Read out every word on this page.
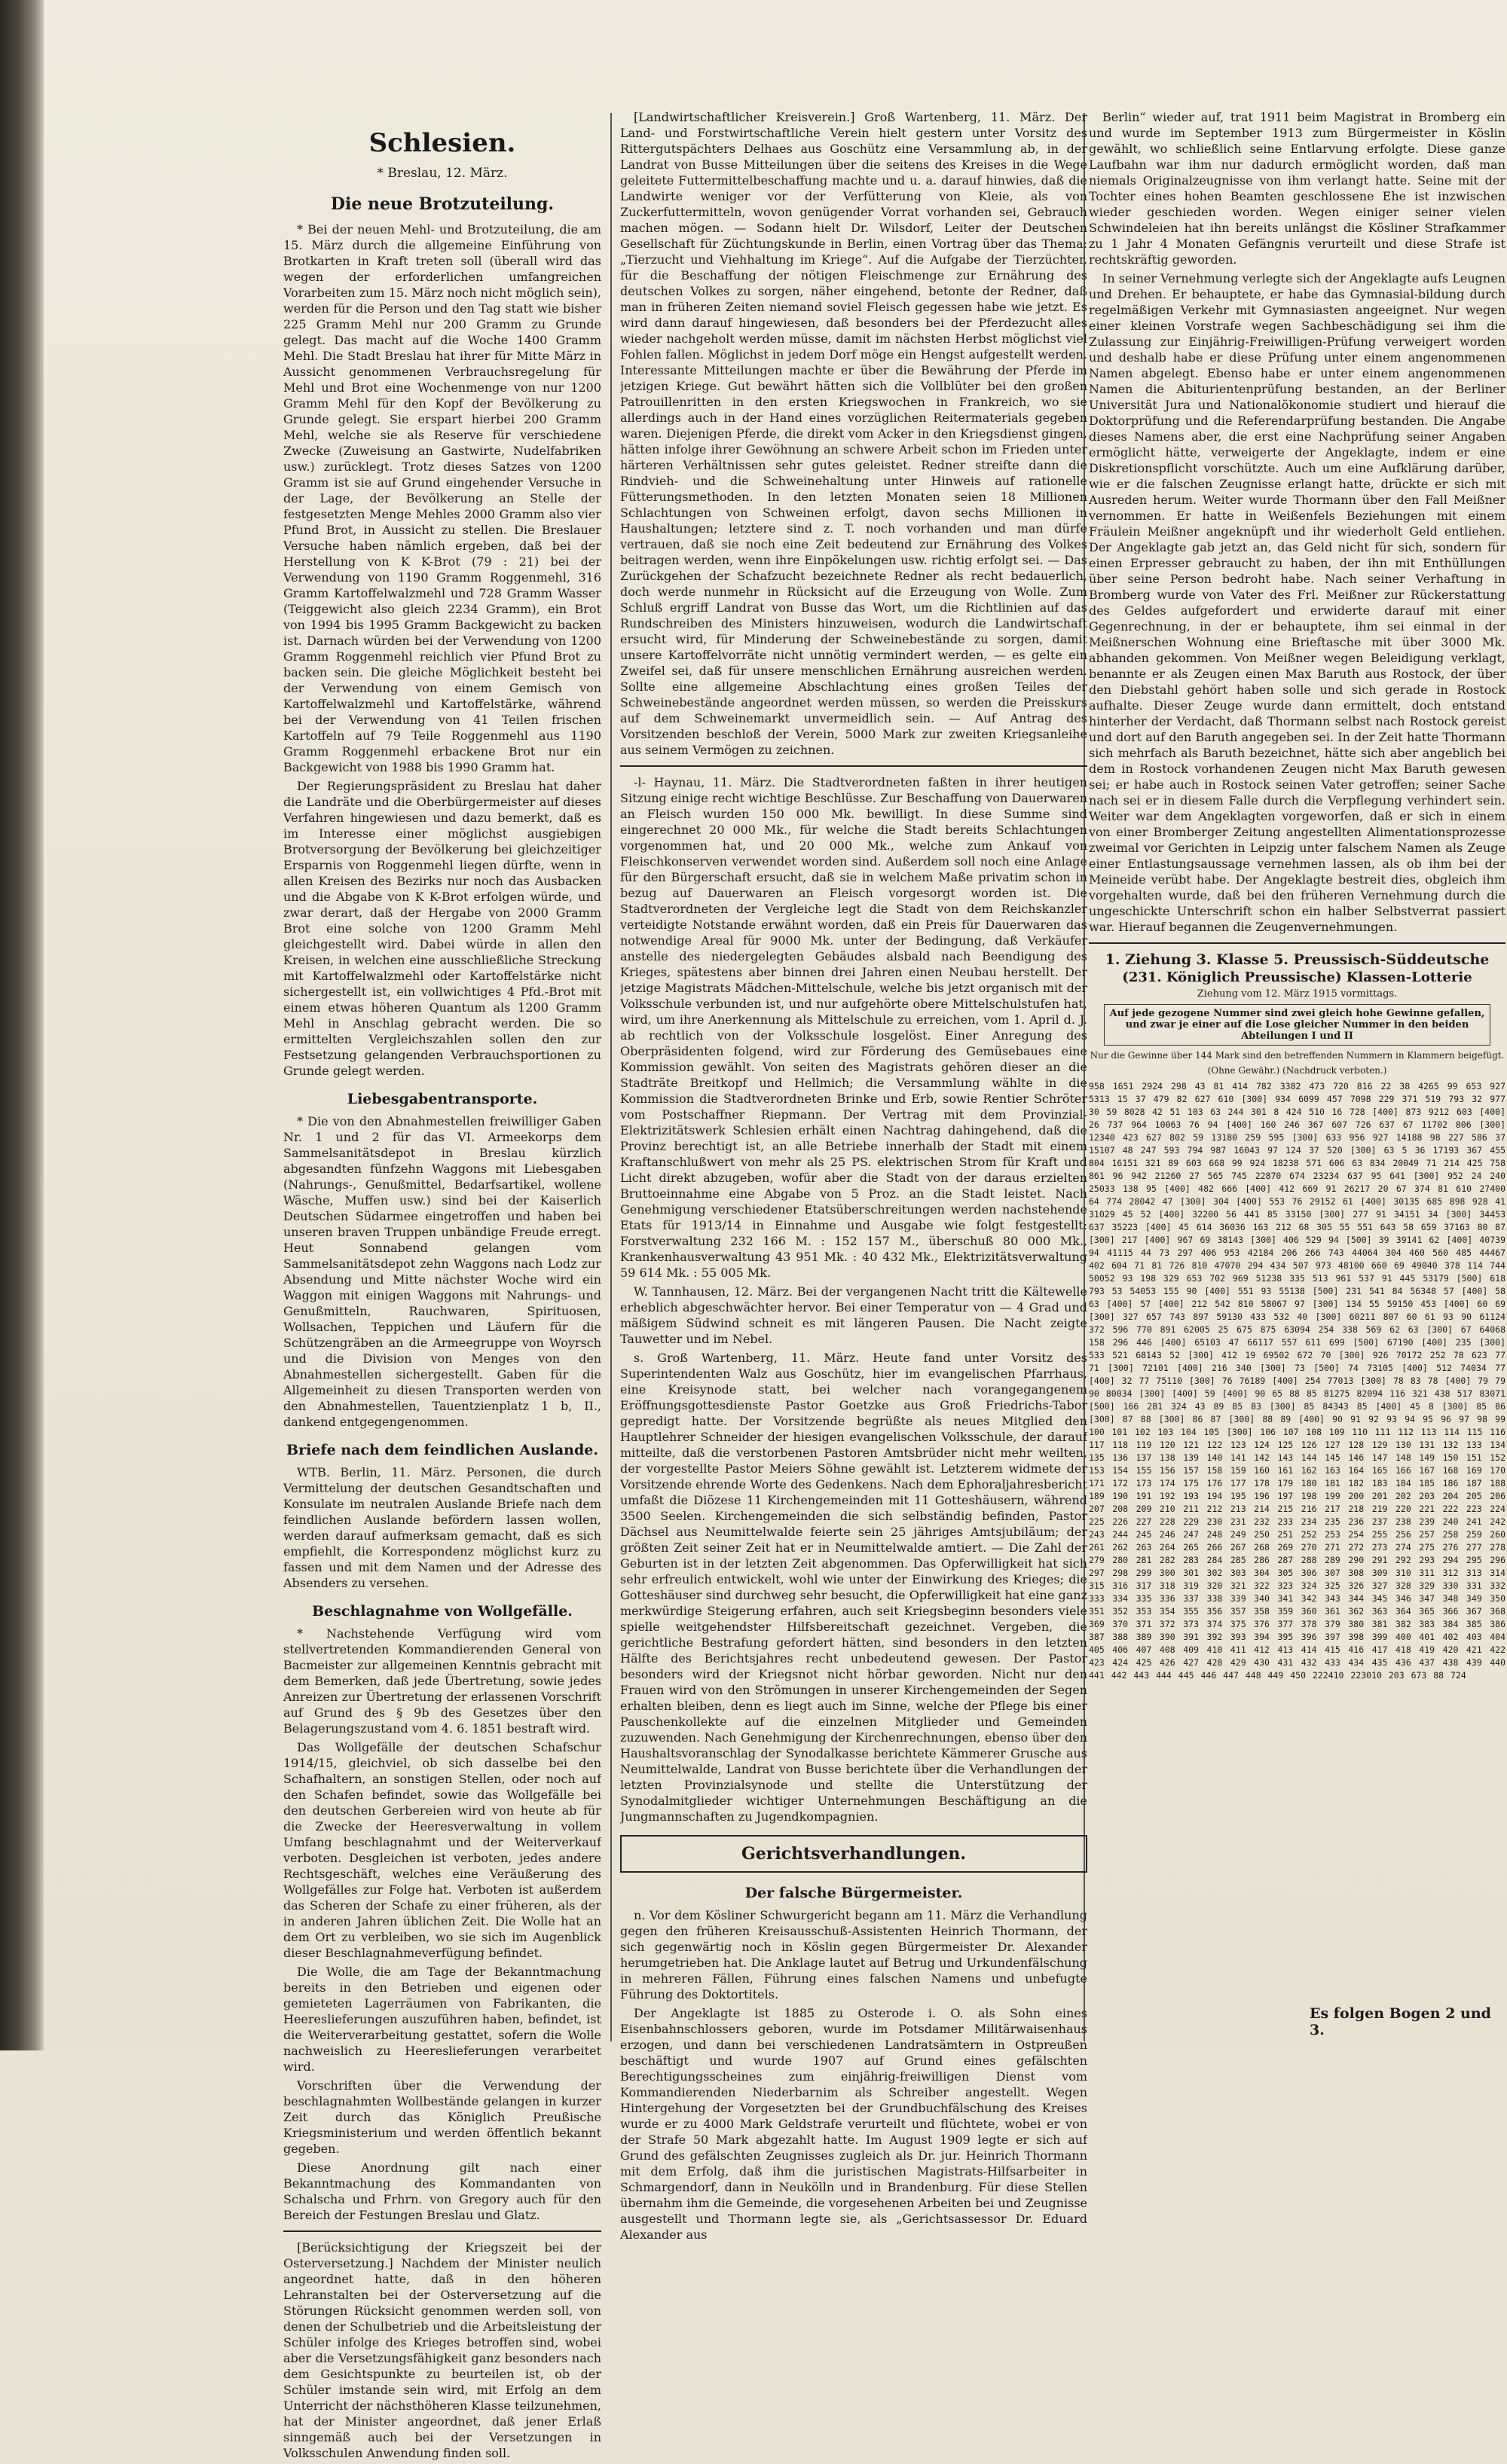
Schlesien.
* Breslau, 12. März.
Die neue Brotzuteilung.

* Bei der neuen Mehl- und Brotzuteilung, die am 15. März durch die allgemeine Einführung von Brotkarten in Kraft treten soll (überall wird das wegen der erforderlichen umfangreichen Vorarbeiten zum 15. März noch nicht möglich sein), werden für die Person und den Tag statt wie bisher 225 Gramm Mehl nur 200 Gramm zu Grunde gelegt. Das macht auf die Woche 1400 Gramm Mehl. Die Stadt Breslau hat ihrer für Mitte März in Aussicht genommenen Verbrauchsregelung für Mehl und Brot eine Wochenmenge von nur 1200 Gramm Mehl für den Kopf der Bevölkerung zu Grunde gelegt. Sie erspart hierbei 200 Gramm Mehl, welche sie als Reserve für verschiedene Zwecke (Zuweisung an Gastwirte, Nudelfabriken usw.) zurücklegt. Trotz dieses Satzes von 1200 Gramm ist sie auf Grund eingehender Versuche in der Lage, der Bevölkerung an Stelle der festgesetzten Menge Mehles 2000 Gramm also vier Pfund Brot, in Aussicht zu stellen. Die Breslauer Versuche haben nämlich ergeben, daß bei der Herstellung von K K-Brot (79 : 21) bei der Verwendung von 1190 Gramm Roggenmehl, 316 Gramm Kartoffelwalzmehl und 728 Gramm Wasser (Teiggewicht also gleich 2234 Gramm), ein Brot von 1994 bis 1995 Gramm Backgewicht zu backen ist. Darnach würden bei der Verwendung von 1200 Gramm Roggenmehl reichlich vier Pfund Brot zu backen sein. Die gleiche Möglichkeit besteht bei der Verwendung von einem Gemisch von Kartoffelwalzmehl und Kartoffelstärke, während bei der Verwendung von 41 Teilen frischen Kartoffeln auf 79 Teile Roggenmehl aus 1190 Gramm Roggenmehl erbackene Brot nur ein Backgewicht von 1988 bis 1990 Gramm hat.

Der Regierungspräsident zu Breslau hat daher die Landräte und die Oberbürgermeister auf dieses Verfahren hingewiesen und dazu bemerkt, daß es im Interesse einer möglichst ausgiebigen Brotversorgung der Bevölkerung bei gleichzeitiger Ersparnis von Roggenmehl liegen dürfte, wenn in allen Kreisen des Bezirks nur noch das Ausbacken und die Abgabe von K K-Brot erfolgen würde, und zwar derart, daß der Hergabe von 2000 Gramm Brot eine solche von 1200 Gramm Mehl gleichgestellt wird. Dabei würde in allen den Kreisen, in welchen eine ausschließliche Streckung mit Kartoffelwalzmehl oder Kartoffelstärke nicht sichergestellt ist, ein vollwichtiges 4 Pfd.-Brot mit einem etwas höheren Quantum als 1200 Gramm Mehl in Anschlag gebracht werden. Die so ermittelten Vergleichszahlen sollen den zur Festsetzung gelangenden Verbrauchsportionen zu Grunde gelegt werden.

Liebesgabentransporte.

* Die von den Abnahmestellen freiwilliger Gaben Nr. 1 und 2 für das VI. Armeekorps dem Sammelsanitätsdepot in Breslau kürzlich abgesandten fünfzehn Waggons mit Liebesgaben (Nahrungs-, Genußmittel, Bedarfsartikel, wollene Wäsche, Muffen usw.) sind bei der Kaiserlich Deutschen Südarmee eingetroffen und haben bei unseren braven Truppen unbändige Freude erregt. Heut Sonnabend gelangen vom Sammelsanitätsdepot zehn Waggons nach Lodz zur Absendung und Mitte nächster Woche wird ein Waggon mit einigen Waggons mit Nahrungs- und Genußmitteln, Rauchwaren, Spirituosen, Wollsachen, Teppichen und Läufern für die Schützengräben an die Armeegruppe von Woyrsch und die Division von Menges von den Abnahmestellen sichergestellt. Gaben für die Allgemeinheit zu diesen Transporten werden von den Abnahmestellen, Tauentzienplatz 1 b, II., dankend entgegengenommen.

Briefe nach dem feindlichen Auslande.

WTB. Berlin, 11. März. Personen, die durch Vermittelung der deutschen Gesandtschaften und Konsulate im neutralen Auslande Briefe nach dem feindlichen Auslande befördern lassen wollen, werden darauf aufmerksam gemacht, daß es sich empfiehlt, die Korrespondenz möglichst kurz zu fassen und mit dem Namen und der Adresse des Absenders zu versehen.

Beschlagnahme von Wollgefälle.

* Nachstehende Verfügung wird vom stellvertretenden Kommandierenden General von Bacmeister zur allgemeinen Kenntnis gebracht mit dem Bemerken, daß jede Übertretung, sowie jedes Anreizen zur Übertretung der erlassenen Vorschrift auf Grund des § 9b des Gesetzes über den Belagerungszustand vom 4. 6. 1851 bestraft wird.

Das Wollgefälle der deutschen Schafschur 1914/15, gleichviel, ob sich dasselbe bei den Schafhaltern, an sonstigen Stellen, oder noch auf den Schafen befindet, sowie das Wollgefälle bei den deutschen Gerbereien wird von heute ab für die Zwecke der Heeresverwaltung in vollem Umfang beschlagnahmt und der Weiterverkauf verboten. Desgleichen ist verboten, jedes andere Rechtsgeschäft, welches eine Veräußerung des Wollgefälles zur Folge hat. Verboten ist außerdem das Scheren der Schafe zu einer früheren, als der in anderen Jahren üblichen Zeit. Die Wolle hat an dem Ort zu verbleiben, wo sie sich im Augenblick dieser Beschlagnahmeverfügung befindet.

Die Wolle, die am Tage der Bekanntmachung bereits in den Betrieben und eigenen oder gemieteten Lagerräumen von Fabrikanten, die Heereslieferungen auszuführen haben, befindet, ist die Weiterverarbeitung gestattet, sofern die Wolle nachweislich zu Heereslieferungen verarbeitet wird.

Vorschriften über die Verwendung der beschlagnahmten Wollbestände gelangen in kurzer Zeit durch das Königlich Preußische Kriegsministerium und werden öffentlich bekannt gegeben.

Diese Anordnung gilt nach einer Bekanntmachung des Kommandanten von Schalscha und Frhrn. von Gregory auch für den Bereich der Festungen Breslau und Glatz.

[Berücksichtigung der Kriegszeit bei der Osterversetzung.] Nachdem der Minister neulich angeordnet hatte, daß in den höheren Lehranstalten bei der Osterversetzung auf die Störungen Rücksicht genommen werden soll, von denen der Schulbetrieb und die Arbeitsleistung der Schüler infolge des Krieges betroffen sind, wobei aber die Versetzungsfähigkeit ganz besonders nach dem Gesichtspunkte zu beurteilen ist, ob der Schüler imstande sein wird, mit Erfolg an dem Unterricht der nächsthöheren Klasse teilzunehmen, hat der Minister angeordnet, daß jener Erlaß sinngemäß auch bei der Versetzungen in Volksschulen Anwendung finden soll.

[Landwirtschaftlicher Kreisverein.] Groß Wartenberg, 11. März. Der Land- und Forstwirtschaftliche Verein hielt gestern unter Vorsitz des Rittergutspächters Delhaes aus Goschütz eine Versammlung ab, in der Landrat von Busse Mitteilungen über die seitens des Kreises in die Wege geleitete Futtermittelbeschaffung machte und u. a. darauf hinwies, daß die Landwirte weniger vor der Verfütterung von Kleie, als von Zuckerfuttermitteln, wovon genügender Vorrat vorhanden sei, Gebrauch machen mögen. — Sodann hielt Dr. Wilsdorf, Leiter der Deutschen Gesellschaft für Züchtungskunde in Berlin, einen Vortrag über das Thema: „Tierzucht und Viehhaltung im Kriege“. Auf die Aufgabe der Tierzüchter, für die Beschaffung der nötigen Fleischmenge zur Ernährung des deutschen Volkes zu sorgen, näher eingehend, betonte der Redner, daß man in früheren Zeiten niemand soviel Fleisch gegessen habe wie jetzt. Es wird dann darauf hingewiesen, daß besonders bei der Pferdezucht alles wieder nachgeholt werden müsse, damit im nächsten Herbst möglichst viel Fohlen fallen. Möglichst in jedem Dorf möge ein Hengst aufgestellt werden. Interessante Mitteilungen machte er über die Bewährung der Pferde im jetzigen Kriege. Gut bewährt hätten sich die Vollblüter bei den großen Patrouillenritten in den ersten Kriegswochen in Frankreich, wo sie allerdings auch in der Hand eines vorzüglichen Reitermaterials gegeben waren. Diejenigen Pferde, die direkt vom Acker in den Kriegsdienst gingen, hätten infolge ihrer Gewöhnung an schwere Arbeit schon im Frieden unter härteren Verhältnissen sehr gutes geleistet. Redner streifte dann die Rindvieh- und die Schweinehaltung unter Hinweis auf rationelle Fütterungsmethoden. In den letzten Monaten seien 18 Millionen Schlachtungen von Schweinen erfolgt, davon sechs Millionen in Haushaltungen; letztere sind z. T. noch vorhanden und man dürfe vertrauen, daß sie noch eine Zeit bedeutend zur Ernährung des Volkes beitragen werden, wenn ihre Einpökelungen usw. richtig erfolgt sei. — Das Zurückgehen der Schafzucht bezeichnete Redner als recht bedauerlich, doch werde nunmehr in Rücksicht auf die Erzeugung von Wolle. Zum Schluß ergriff Landrat von Busse das Wort, um die Richtlinien auf das Rundschreiben des Ministers hinzuweisen, wodurch die Landwirtschaft ersucht wird, für Minderung der Schweinebestände zu sorgen, damit unsere Kartoffelvorräte nicht unnötig vermindert werden, — es gelte ein Zweifel sei, daß für unsere menschlichen Ernährung ausreichen werden. Sollte eine allgemeine Abschlachtung eines großen Teiles der Schweinebestände angeordnet werden müssen, so werden die Preisskurs auf dem Schweinemarkt unvermeidlich sein. — Auf Antrag des Vorsitzenden beschloß der Verein, 5000 Mark zur zweiten Kriegsanleihe aus seinem Vermögen zu zeichnen.

-l- Haynau, 11. März. Die Stadtverordneten faßten in ihrer heutigen Sitzung einige recht wichtige Beschlüsse. Zur Beschaffung von Dauerwaren an Fleisch wurden 150 000 Mk. bewilligt. In diese Summe sind eingerechnet 20 000 Mk., für welche die Stadt bereits Schlachtungen vorgenommen hat, und 20 000 Mk., welche zum Ankauf von Fleischkonserven verwendet worden sind. Außerdem soll noch eine Anlage für den Bürgerschaft ersucht, daß sie in welchem Maße privatim schon in bezug auf Dauerwaren an Fleisch vorgesorgt worden ist. Die Stadtverordneten der Vergleiche legt die Stadt von dem Reichskanzler verteidigte Notstande erwähnt worden, daß ein Preis für Dauerwaren das notwendige Areal für 9000 Mk. unter der Bedingung, daß Verkäufer anstelle des niedergelegten Gebäudes alsbald nach Beendigung des Krieges, spätestens aber binnen drei Jahren einen Neubau herstellt. Der jetzige Magistrats Mädchen-Mittelschule, welche bis jetzt organisch mit der Volksschule verbunden ist, und nur aufgehörte obere Mittelschulstufen hat, wird, um ihre Anerkennung als Mittelschule zu erreichen, vom 1. April d. J. ab rechtlich von der Volksschule losgelöst. Einer Anregung des Oberpräsidenten folgend, wird zur Förderung des Gemüsebaues eine Kommission gewählt. Von seiten des Magistrats gehören dieser an die Stadträte Breitkopf und Hellmich; die Versammlung wählte in die Kommission die Stadtverordneten Brinke und Erb, sowie Rentier Schröter vom Postschaffner Riepmann. Der Vertrag mit dem Provinzial-Elektrizitätswerk Schlesien erhält einen Nachtrag dahingehend, daß die Provinz berechtigt ist, an alle Betriebe innerhalb der Stadt mit einem Kraftanschlußwert von mehr als 25 PS. elektrischen Strom für Kraft und Licht direkt abzugeben, wofür aber die Stadt von der daraus erzielten Bruttoeinnahme eine Abgabe von 5 Proz. an die Stadt leistet. Nach Genehmigung verschiedener Etatsüberschreitungen werden nachstehende Etats für 1913/14 in Einnahme und Ausgabe wie folgt festgestellt: Forstverwaltung 232 166 M. : 152 157 M., überschuß 80 000 Mk., Krankenhausverwaltung 43 951 Mk. : 40 432 Mk., Elektrizitätsverwaltung 59 614 Mk. : 55 005 Mk.

W. Tannhausen, 12. März. Bei der vergangenen Nacht tritt die Kältewelle erheblich abgeschwächter hervor. Bei einer Temperatur von — 4 Grad und mäßigem Südwind schneit es mit längeren Pausen. Die Nacht zeigte Tauwetter und im Nebel.

s. Groß Wartenberg, 11. März. Heute fand unter Vorsitz des Superintendenten Walz aus Goschütz, hier im evangelischen Pfarrhaus, eine Kreisynode statt, bei welcher nach vorangegangenem Eröffnungsgottesdienste Pastor Goetzke aus Groß Friedrichs-Tabor gepredigt hatte. Der Vorsitzende begrüßte als neues Mitglied den Hauptlehrer Schneider der hiesigen evangelischen Volksschule, der darauf mitteilte, daß die verstorbenen Pastoren Amtsbrüder nicht mehr weilten, der vorgestellte Pastor Meiers Söhne gewählt ist. Letzterem widmete der Vorsitzende ehrende Worte des Gedenkens. Nach dem Ephoraljahresbericht umfaßt die Diözese 11 Kirchengemeinden mit 11 Gotteshäusern, während 3500 Seelen. Kirchengemeinden die sich selbständig befinden, Pastor Dächsel aus Neumittelwalde feierte sein 25 jähriges Amtsjubiläum; der größten Zeit seiner Zeit hat er in Neumittelwalde amtiert. — Die Zahl der Geburten ist in der letzten Zeit abgenommen. Das Opferwilligkeit hat sich sehr erfreulich entwickelt, wohl wie unter der Einwirkung des Krieges; die Gotteshäuser sind durchweg sehr besucht, die Opferwilligkeit hat eine ganz merkwürdige Steigerung erfahren, auch seit Kriegsbeginn besonders viele spielle weitgehendster Hilfsbereitschaft gezeichnet. Vergeben, die gerichtliche Bestrafung gefordert hätten, sind besonders in den letzten Hälfte des Berichtsjahres recht unbedeutend gewesen. Der Pastor besonders wird der Kriegsnot nicht hörbar geworden. Nicht nur den Frauen wird von den Strömungen in unserer Kirchengemeinden der Segen erhalten bleiben, denn es liegt auch im Sinne, welche der Pflege bis einer Pauschenkollekte auf die einzelnen Mitglieder und Gemeinden zuzuwenden. Nach Genehmigung der Kirchenrechnungen, ebenso über den Haushaltsvoranschlag der Synodalkasse berichtete Kämmerer Grusche aus Neumittelwalde, Landrat von Busse berichtete über die Verhandlungen der letzten Provinzialsynode und stellte die Unterstützung der Synodalmitglieder wichtiger Unternehmungen Beschäftigung an die Jungmannschaften zu Jugendkompagnien.

Gerichtsverhandlungen.
Der falsche Bürgermeister.

n. Vor dem Kösliner Schwurgericht begann am 11. März die Verhandlung gegen den früheren Kreisausschuß-Assistenten Heinrich Thormann, der sich gegenwärtig noch in Köslin gegen Bürgermeister Dr. Alexander herumgetrieben hat. Die Anklage lautet auf Betrug und Urkundenfälschung in mehreren Fällen, Führung eines falschen Namens und unbefugte Führung des Doktortitels.

Der Angeklagte ist 1885 zu Osterode i. O. als Sohn eines Eisenbahnschlossers geboren, wurde im Potsdamer Militärwaisenhaus erzogen, und dann bei verschiedenen Landratsämtern in Ostpreußen beschäftigt und wurde 1907 auf Grund eines gefälschten Berechtigungsscheines zum einjährig-freiwilligen Dienst vom Kommandierenden Niederbarnim als Schreiber angestellt. Wegen Hintergehung der Vorgesetzten bei der Grundbuchfälschung des Kreises wurde er zu 4000 Mark Geldstrafe verurteilt und flüchtete, wobei er von der Strafe 50 Mark abgezahlt hatte. Im August 1909 legte er sich auf Grund des gefälschten Zeugnisses zugleich als Dr. jur. Heinrich Thormann mit dem Erfolg, daß ihm die juristischen Magistrats-Hilfsarbeiter in Schmargendorf, dann in Neukölln und in Brandenburg. Für diese Stellen übernahm ihm die Gemeinde, die vorgesehenen Arbeiten bei und Zeugnisse ausgestellt und Thormann legte sie, als „Gerichtsassessor Dr. Eduard Alexander aus

Berlin“ wieder auf, trat 1911 beim Magistrat in Bromberg ein und wurde im September 1913 zum Bürgermeister in Köslin gewählt, wo schließlich seine Entlarvung erfolgte. Diese ganze Laufbahn war ihm nur dadurch ermöglicht worden, daß man niemals Originalzeugnisse von ihm verlangt hatte. Seine mit der Tochter eines hohen Beamten geschlossene Ehe ist inzwischen wieder geschieden worden. Wegen einiger seiner vielen Schwindeleien hat ihn bereits unlängst die Kösliner Strafkammer zu 1 Jahr 4 Monaten Gefängnis verurteilt und diese Strafe ist rechtskräftig geworden.

In seiner Vernehmung verlegte sich der Angeklagte aufs Leugnen und Drehen. Er behauptete, er habe das Gymnasial-bildung durch regelmäßigen Verkehr mit Gymnasiasten angeeignet. Nur wegen einer kleinen Vorstrafe wegen Sachbeschädigung sei ihm die Zulassung zur Einjährig-Freiwilligen-Prüfung verweigert worden und deshalb habe er diese Prüfung unter einem angenommenen Namen abgelegt. Ebenso habe er unter einem angenommenen Namen die Abiturientenprüfung bestanden, an der Berliner Universität Jura und Nationalökonomie studiert und hierauf die Doktorprüfung und die Referendarprüfung bestanden. Die Angabe dieses Namens aber, die erst eine Nachprüfung seiner Angaben ermöglicht hätte, verweigerte der Angeklagte, indem er eine Diskretionspflicht vorschützte. Auch um eine Aufklärung darüber, wie er die falschen Zeugnisse erlangt hatte, drückte er sich mit Ausreden herum. Weiter wurde Thormann über den Fall Meißner vernommen. Er hatte in Weißenfels Beziehungen mit einem Fräulein Meißner angeknüpft und ihr wiederholt Geld entliehen. Der Angeklagte gab jetzt an, das Geld nicht für sich, sondern für einen Erpresser gebraucht zu haben, der ihn mit Enthüllungen über seine Person bedroht habe. Nach seiner Verhaftung in Bromberg wurde von Vater des Frl. Meißner zur Rückerstattung des Geldes aufgefordert und erwiderte darauf mit einer Gegenrechnung, in der er behauptete, ihm sei einmal in der Meißnerschen Wohnung eine Brieftasche mit über 3000 Mk. abhanden gekommen. Von Meißner wegen Beleidigung verklagt, benannte er als Zeugen einen Max Baruth aus Rostock, der über den Diebstahl gehört haben solle und sich gerade in Rostock aufhalte. Dieser Zeuge wurde dann ermittelt, doch entstand hinterher der Verdacht, daß Thormann selbst nach Rostock gereist und dort auf den Baruth angegeben sei. In der Zeit hatte Thormann sich mehrfach als Baruth bezeichnet, hätte sich aber angeblich bei dem in Rostock vorhandenen Zeugen nicht Max Baruth gewesen sei; er habe auch in Rostock seinen Vater getroffen; seiner Sache nach sei er in diesem Falle durch die Verpflegung verhindert sein. Weiter war dem Angeklagten vorgeworfen, daß er sich in einem von einer Bromberger Zeitung angestellten Alimentationsprozesse zweimal vor Gerichten in Leipzig unter falschem Namen als Zeuge einer Entlastungsaussage vernehmen lassen, als ob ihm bei der Meineide verübt habe. Der Angeklagte bestreit dies, obgleich ihm vorgehalten wurde, daß bei den früheren Vernehmung durch die ungeschickte Unterschrift schon ein halber Selbstverrat passiert war. Hierauf begannen die Zeugenvernehmungen.

1. Ziehung 3. Klasse 5. Preussisch-Süddeutsche
(231. Königlich Preussische) Klassen-Lotterie
Ziehung vom 12. März 1915 vormittags.
Auf jede gezogene Nummer sind zwei gleich hohe Gewinne gefallen, und zwar je einer auf die Lose gleicher Nummer in den beiden Abteilungen I und II
Nur die Gewinne über 144 Mark sind den betreffenden Nummern in Klammern beigefügt.
(Ohne Gewähr.) (Nachdruck verboten.)
958 1651 2924 298 43 81 414 782 3382 473 720 816 22 38 4265 99 653 927 5313 15 37 479 82 627 610 [300] 934 6099 457 7098 229 371 519 793 32 977 30 59 8028 42 51 103 63 244 301 8 424 510 16 728 [400] 873 9212 603 [400] 26 737 964 10063 76 94 [400] 160 246 367 607 726 637 67 11702 806 [300] 12340 423 627 802 59 13180 259 595 [300] 633 956 927 14188 98 227 586 37 15107 48 247 593 794 987 16043 97 124 37 520 [300] 63 5 36 17193 367 455 804 16151 321 89 603 668 99 924 18238 571 606 63 834 20049 71 214 425 758 861 96 942 21260 27 565 745 22870 674 23234 637 95 641 [300] 952 24 240 25033 138 95 [400] 482 666 [400] 412 669 91 26217 20 67 374 81 610 27400 64 774 28042 47 [300] 304 [400] 553 76 29152 61 [400] 30135 685 898 928 41 31029 45 52 [400] 32200 56 441 85 33150 [300] 277 91 34151 34 [300] 34453 637 35223 [400] 45 614 36036 163 212 68 305 55 551 643 58 659 37163 80 87 [300] 217 [400] 967 69 38143 [300] 406 529 94 [500] 39 39141 62 [400] 40739 94 41115 44 73 297 406 953 42184 206 266 743 44064 304 460 560 485 44467 402 604 71 81 726 810 47070 294 434 507 973 48100 660 69 49040 378 114 744 50052 93 198 329 653 702 969 51238 335 513 961 537 91 445 53179 [500] 618 793 53 54053 155 90 [400] 551 93 55138 [500] 231 541 84 56348 57 [400] 58 63 [400] 57 [400] 212 542 810 58067 97 [300] 134 55 59150 453 [400] 60 69 [300] 327 657 743 897 59130 433 532 40 [300] 60211 807 60 61 93 90 61124 372 596 770 891 62005 25 675 875 63094 254 338 569 62 63 [300] 67 64068 158 296 446 [400] 65103 47 66117 557 611 699 [500] 67190 [400] 235 [300] 533 521 68143 52 [300] 412 19 69502 672 70 [300] 926 70172 252 78 623 77 71 [300] 72101 [400] 216 340 [300] 73 [500] 74 73105 [400] 512 74034 77 [400] 32 77 75110 [300] 76 76189 [400] 254 77013 [300] 78 83 78 [400] 79 79 90 80034 [300] [400] 59 [400] 90 65 88 85 81275 82094 116 321 438 517 83071 [500] 166 281 324 43 89 85 83 [300] 85 84343 85 [400] 45 8 [300] 85 86 [300] 87 88 [300] 86 87 [300] 88 89 [400] 90 91 92 93 94 95 96 97 98 99 100 101 102 103 104 105 [300] 106 107 108 109 110 111 112 113 114 115 116 117 118 119 120 121 122 123 124 125 126 127 128 129 130 131 132 133 134 135 136 137 138 139 140 141 142 143 144 145 146 147 148 149 150 151 152 153 154 155 156 157 158 159 160 161 162 163 164 165 166 167 168 169 170 171 172 173 174 175 176 177 178 179 180 181 182 183 184 185 186 187 188 189 190 191 192 193 194 195 196 197 198 199 200 201 202 203 204 205 206 207 208 209 210 211 212 213 214 215 216 217 218 219 220 221 222 223 224 225 226 227 228 229 230 231 232 233 234 235 236 237 238 239 240 241 242 243 244 245 246 247 248 249 250 251 252 253 254 255 256 257 258 259 260 261 262 263 264 265 266 267 268 269 270 271 272 273 274 275 276 277 278 279 280 281 282 283 284 285 286 287 288 289 290 291 292 293 294 295 296 297 298 299 300 301 302 303 304 305 306 307 308 309 310 311 312 313 314 315 316 317 318 319 320 321 322 323 324 325 326 327 328 329 330 331 332 333 334 335 336 337 338 339 340 341 342 343 344 345 346 347 348 349 350 351 352 353 354 355 356 357 358 359 360 361 362 363 364 365 366 367 368 369 370 371 372 373 374 375 376 377 378 379 380 381 382 383 384 385 386 387 388 389 390 391 392 393 394 395 396 397 398 399 400 401 402 403 404 405 406 407 408 409 410 411 412 413 414 415 416 417 418 419 420 421 422 423 424 425 426 427 428 429 430 431 432 433 434 435 436 437 438 439 440 441 442 443 444 445 446 447 448 449 450 222410 223010 203 673 88 724
Es folgen Bogen 2 und 3.
